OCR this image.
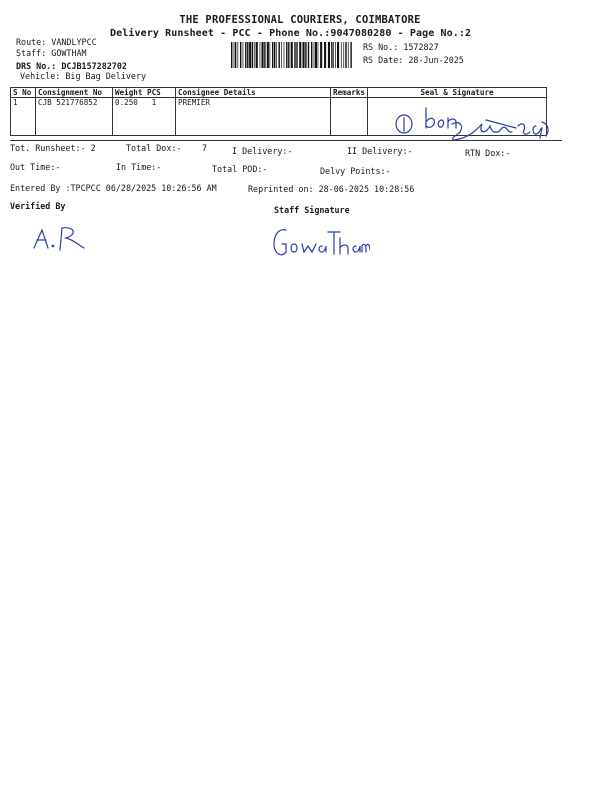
THE PROFESSIONAL COURIERS, COIMBATORE
Delivery Runsheet - PCC - Phone No.:9047080280 - Page No.:2
Route: VANDLYPCC
Staff: GOWTHAM
DRS No.: DCJB157282702
Vehicle: Big Bag Delivery
RS No.: 1572827
RS Date: 28-Jun-2025
S No	Consignment No	Weight PCS	Consignee Details	Remarks	Seal & Signature
1	CJB 521776852	0.250 1	PREMIER		
Tot. Runsheet:- 2	Total Dox:- 7	I Delivery:-	II Delivery:-	RTN Dox:-
Out Time:-	In Time:-	Total POD:-	Delvy Points:-
Entered By :TPCPCC 06/28/2025 10:26:56 AM	Reprinted on: 28-06-2025 10:28:56
Verified By	Staff Signature
